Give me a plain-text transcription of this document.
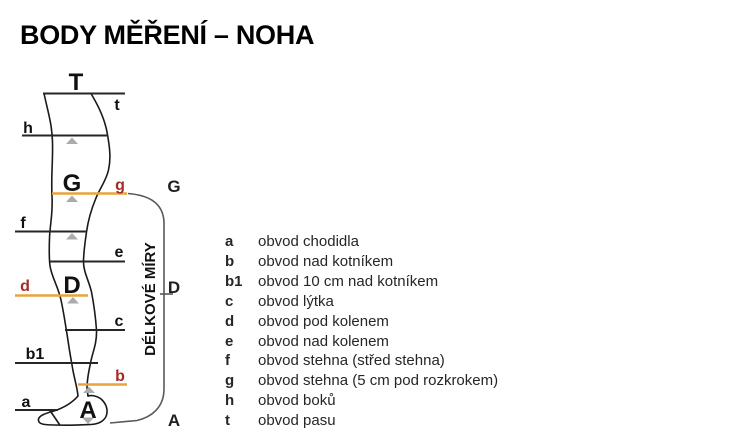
BODY MĚŘENÍ – NOHA
T
G
D
A
t
h
f
e
c
b1
a
g
d
b
G
D
A
DÉLKOVÉ MÍRY
a	obvod chodidla
b	obvod nad kotníkem
b1	obvod 10 cm nad kotníkem
c	obvod lýtka
d	obvod pod kolenem
e	obvod nad kolenem
f	obvod stehna (střed stehna)
g	obvod stehna (5 cm pod rozkrokem)
h	obvod boků
t	obvod pasu
